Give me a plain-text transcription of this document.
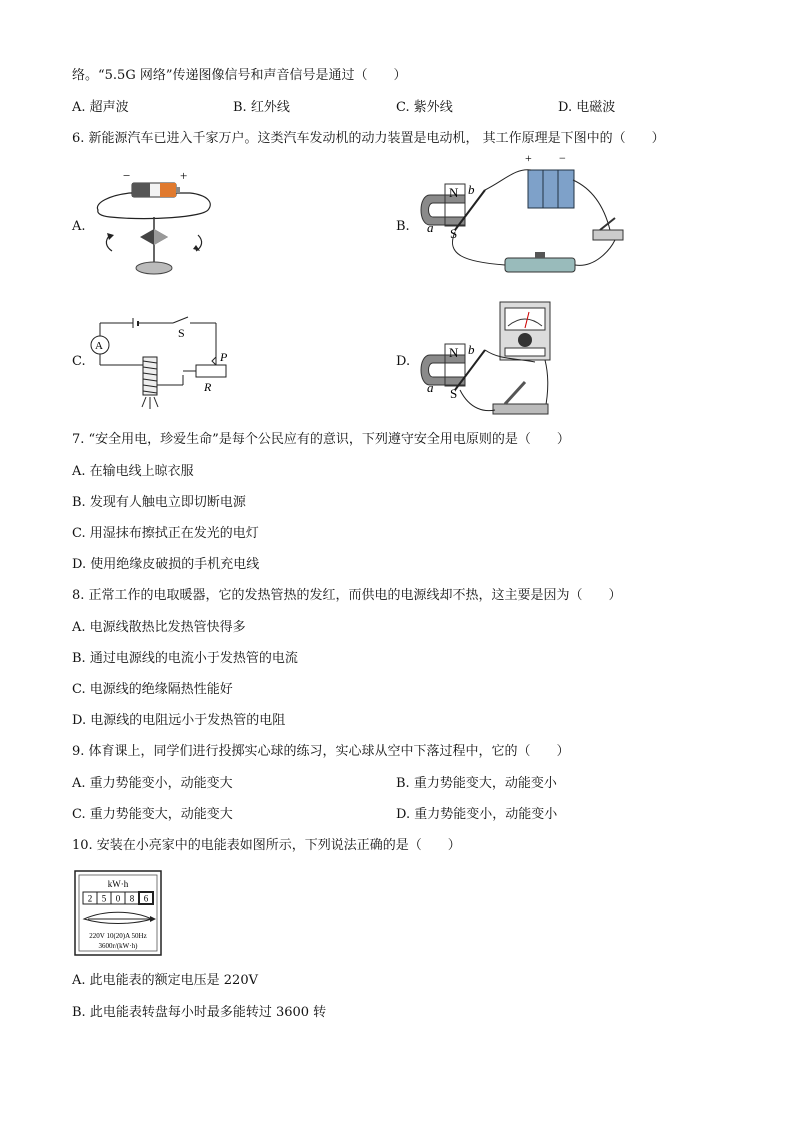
络。“5.5G 网络”传递图像信号和声音信号是通过（　　）
A. 超声波	B. 红外线	C. 紫外线	D. 电磁波
6. 新能源汽车已进入千家万户。这类汽车发动机的动力装置是电动机， 其工作原理是下图中的（　　）
A.	B.
C.	D.
−	+
N
S
a
b
+ −
S
A
P
R
N
S
a
b
7. “安全用电，珍爱生命”是每个公民应有的意识，下列遵守安全用电原则的是（　　）
A. 在输电线上晾衣服
B. 发现有人触电立即切断电源
C. 用湿抹布擦拭正在发光的电灯
D. 使用绝缘皮破损的手机充电线
8. 正常工作的电取暖器，它的发热管热的发红，而供电的电源线却不热，这主要是因为（　　）
A. 电源线散热比发热管快得多
B. 通过电源线的电流小于发热管的电流
C. 电源线的绝缘隔热性能好
D. 电源线的电阻远小于发热管的电阻
9. 体育课上，同学们进行投掷实心球的练习，实心球从空中下落过程中，它的（　　）
A. 重力势能变小，动能变大	B. 重力势能变大，动能变小
C. 重力势能变大，动能变大	D. 重力势能变小，动能变小
10. 安装在小亮家中的电能表如图所示，下列说法正确的是（　　）
kW·h
2 5 0 8 6
220V 10(20)A 50Hz
3600r/(kW·h)
A. 此电能表的额定电压是 220V
B. 此电能表转盘每小时最多能转过 3600 转
